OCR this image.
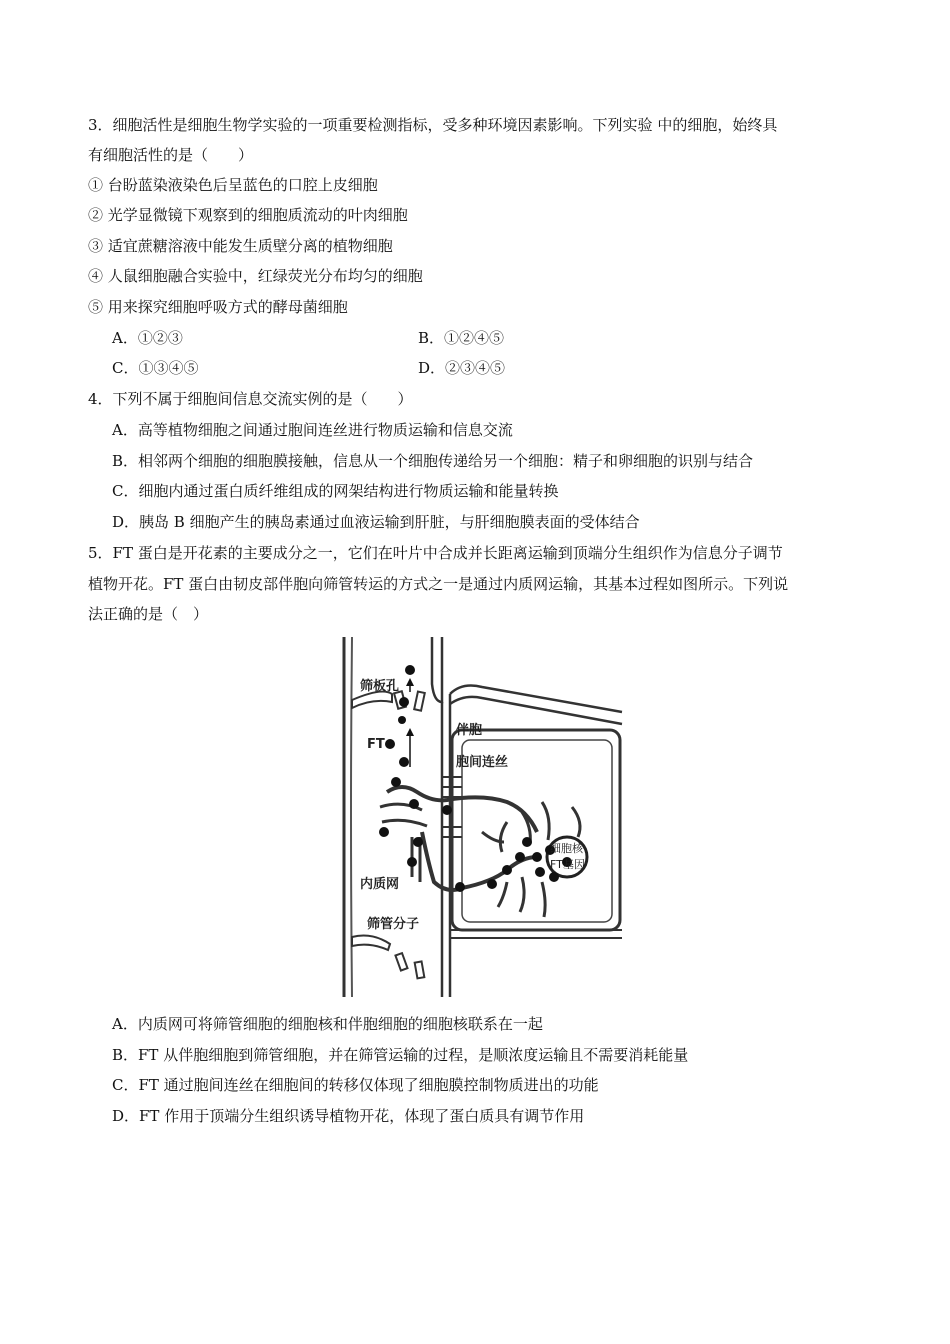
3．细胞活性是细胞生物学实验的一项重要检测指标，受多种环境因素影响。下列实验 中的细胞，始终具
有细胞活性的是（　　）
① 台盼蓝染液染色后呈蓝色的口腔上皮细胞
② 光学显微镜下观察到的细胞质流动的叶肉细胞
③ 适宜蔗糖溶液中能发生质壁分离的植物细胞
④ 人鼠细胞融合实验中，红绿荧光分布均匀的细胞
⑤ 用来探究细胞呼吸方式的酵母菌细胞
A．①②③	B．①②④⑤
C．①③④⑤	D．②③④⑤
4．下列不属于细胞间信息交流实例的是（　　）
A．高等植物细胞之间通过胞间连丝进行物质运输和信息交流
B．相邻两个细胞的细胞膜接触，信息从一个细胞传递给另一个细胞：精子和卵细胞的识别与结合
C．细胞内通过蛋白质纤维组成的网架结构进行物质运输和能量转换
D．胰岛 B 细胞产生的胰岛素通过血液运输到肝脏，与肝细胞膜表面的受体结合
5．FT 蛋白是开花素的主要成分之一，它们在叶片中合成并长距离运输到顶端分生组织作为信息分子调节
植物开花。FT 蛋白由韧皮部伴胞向筛管转运的方式之一是通过内质网运输，其基本过程如图所示。下列说
法正确的是（　）
筛板孔
伴胞
FT
胞间连丝
细胞核
FT基因
内质网
筛管分子
A．内质网可将筛管细胞的细胞核和伴胞细胞的细胞核联系在一起
B．FT 从伴胞细胞到筛管细胞，并在筛管运输的过程，是顺浓度运输且不需要消耗能量
C．FT 通过胞间连丝在细胞间的转移仅体现了细胞膜控制物质进出的功能
D．FT 作用于顶端分生组织诱导植物开花，体现了蛋白质具有调节作用
